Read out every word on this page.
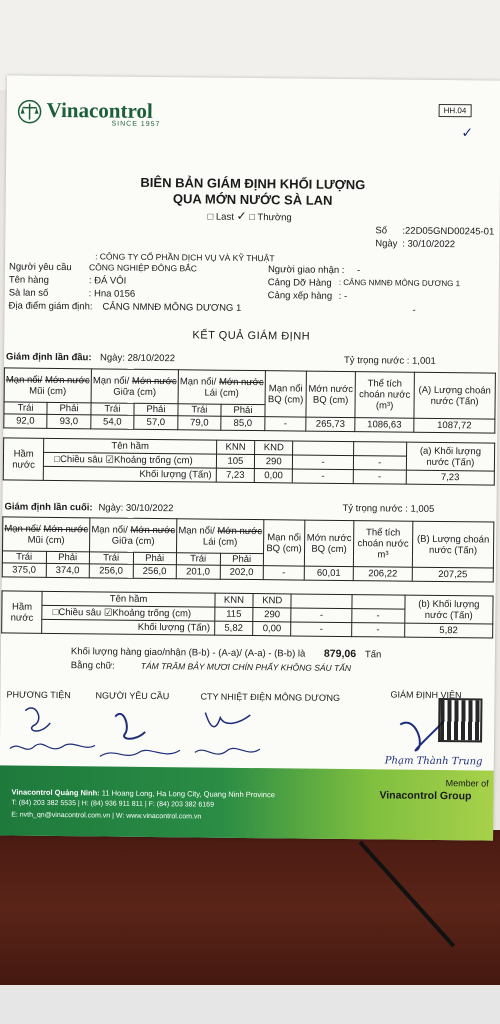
Vinacontrol
SINCE 1957
HH.04
✓
BIÊN BẢN GIÁM ĐỊNH KHỐI LƯỢNG
QUA MỚN NƯỚC SÀ LAN
□ Last ✓ □ Thường
Số :22D05GND00245-01
Ngày : 30/10/2022
: CÔNG TY CỔ PHẦN DỊCH VỤ VÀ KỸ THUẬT
Người yêu cầu CÔNG NGHIỆP ĐÔNG BẮC
Tên hàng	: ĐÁ VÔI
Sà lan số	: Hna 0156
Địa điểm giám định: CẢNG NMNĐ MÔNG DƯƠNG 1
Người giao nhận : -
Cảng Dỡ Hàng : CẢNG NMNĐ MÔNG DƯƠNG 1
Cảng xếp hàng : -
-
KẾT QUẢ GIÁM ĐỊNH
Giám định lần đầu: Ngày: 28/10/2022	Tỷ trọng nước : 1,001
Mạn nổi/ Mớn nước
Mũi (cm)		Mạn nổi/ Mớn nước
Giữa (cm)		Mạn nổi/ Mớn nước
Lái (cm)		Mạn nổi BQ (cm)	Mớn nước BQ (cm)	Thể tích choán nước
(m³)	(A) Lượng choán nước (Tấn)
Trái	Phải	Trái	Phải	Trái	Phải				
92,0	93,0	54,0	57,0	79,0	85,0	-	265,73	1086,63	1087,72
Hầm
nước	Tên hầm	KNN	KND			(a) Khối lượng nước (Tấn)
	□Chiều sâu ☑Khoảng trống (cm)	105	290	-	-	
	Khối lượng (Tấn)	7,23	0,00	-	-	7,23
Giám định lần cuối: Ngày: 30/10/2022	Tỷ trọng nước : 1,005
Mạn nổi/ Mớn nước
Mũi (cm)		Mạn nổi/ Mớn nước
Giữa (cm)		Mạn nổi/ Mớn nước
Lái (cm)		Mạn nổi BQ (cm)	Mớn nước BQ (cm)	Thể tích choán nước
m³	(B) Lượng choán nước (Tấn)
Trái	Phải	Trái	Phải	Trái	Phải				
375,0	374,0	256,0	256,0	201,0	202,0	-	60,01	206,22	207,25
Hầm
nước	Tên hầm	KNN	KND			(b) Khối lượng nước (Tấn)
	□Chiều sâu ☑Khoảng trống (cm)	115	290	-	-	
	Khối lượng (Tấn)	5,82	0,00	-	-	5,82
Khối lượng hàng giao/nhận (B-b) - (A-a)/ (A-a) - (B-b) là 879,06 Tấn
Bằng chữ:	TÁM TRĂM BẢY MƯƠI CHÍN PHẨY KHÔNG SÁU TẤN
PHƯƠNG TIỆN	NGƯỜI YÊU CẦU	CTY NHIỆT ĐIỆN MÔNG DƯƠNG	GIÁM ĐỊNH VIÊN
Phạm Thành Trung
Vinacontrol Quảng Ninh: 11 Hoang Long, Ha Long City, Quang Ninh Province
T: (84) 203 382 5535 | H: (84) 936 911 811 | F: (84) 203 382 6169
E: nvth_qn@vinacontrol.com.vn | W: www.vinacontrol.com.vn
Member of
Vinacontrol Group
